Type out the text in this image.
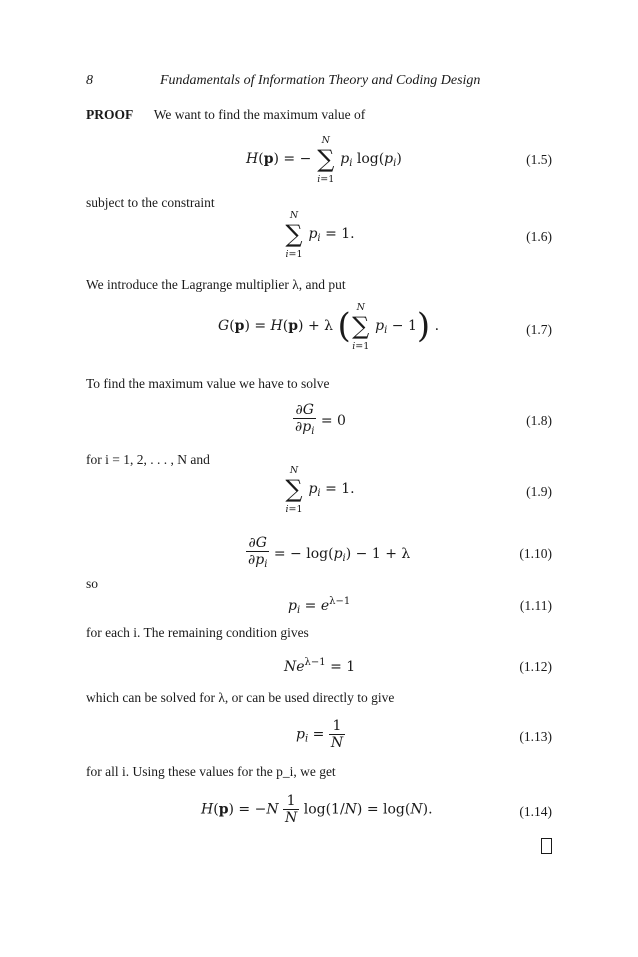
8	Fundamentals of Information Theory and Coding Design
PROOF We want to find the maximum value of
H(p) = −
N
∑
i=1
$p_i$ $\log(p_i)$	(1.5)
subject to the constraint
N
∑
i=1
$p_i = 1$.	(1.6)
We introduce the Lagrange multiplier λ, and put
G(p) = H(p) + λ ( N
∑
i=1
$p_i - 1$) .	(1.7)
To find the maximum value we have to solve
$\frac{\partial G}{\partial p_i} = 0$	(1.8)
for i = 1, 2, . . . , N and
N
∑
i=1
$p_i = 1$.	(1.9)
$\frac{\partial G}{\partial p_i}$ = − $\log(p_i) - 1 + \lambda$	(1.10)
so
$p_i = e^{\lambda-1}$	(1.11)
for each i. The remaining condition gives
$Ne^{\lambda-1} = 1$	(1.12)
which can be solved for λ, or can be used directly to give
$p_i = \frac{1}{N}$	(1.13)
for all i. Using these values for the p_i, we get
$H(p) = -N \frac{1}{N} \log(1/N) = \log(N)$.	(1.14)
